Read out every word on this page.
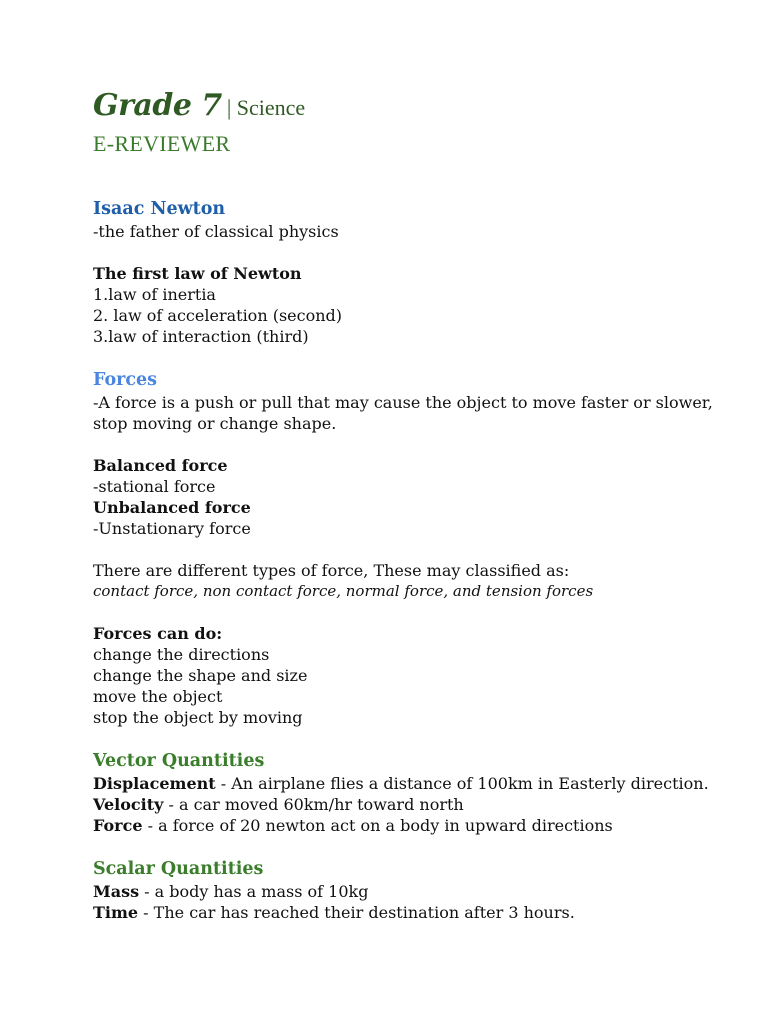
Grade 7 | Science
E-REVIEWER
Isaac Newton
-the father of classical physics
The first law of Newton
1.law of inertia
2. law of acceleration (second)
3.law of interaction (third)
Forces
-A force is a push or pull that may cause the object to move faster or slower, stop moving or change shape.
Balanced force
-stational force
Unbalanced force
-Unstationary force
There are different types of force, These may classified as:
contact force, non contact force, normal force, and tension forces
Forces can do:
change the directions
change the shape and size
move the object
stop the object by moving
Vector Quantities
Displacement - An airplane flies a distance of 100km in Easterly direction.
Velocity - a car moved 60km/hr toward north
Force - a force of 20 newton act on a body in upward directions
Scalar Quantities
Mass - a body has a mass of 10kg
Time - The car has reached their destination after 3 hours.
